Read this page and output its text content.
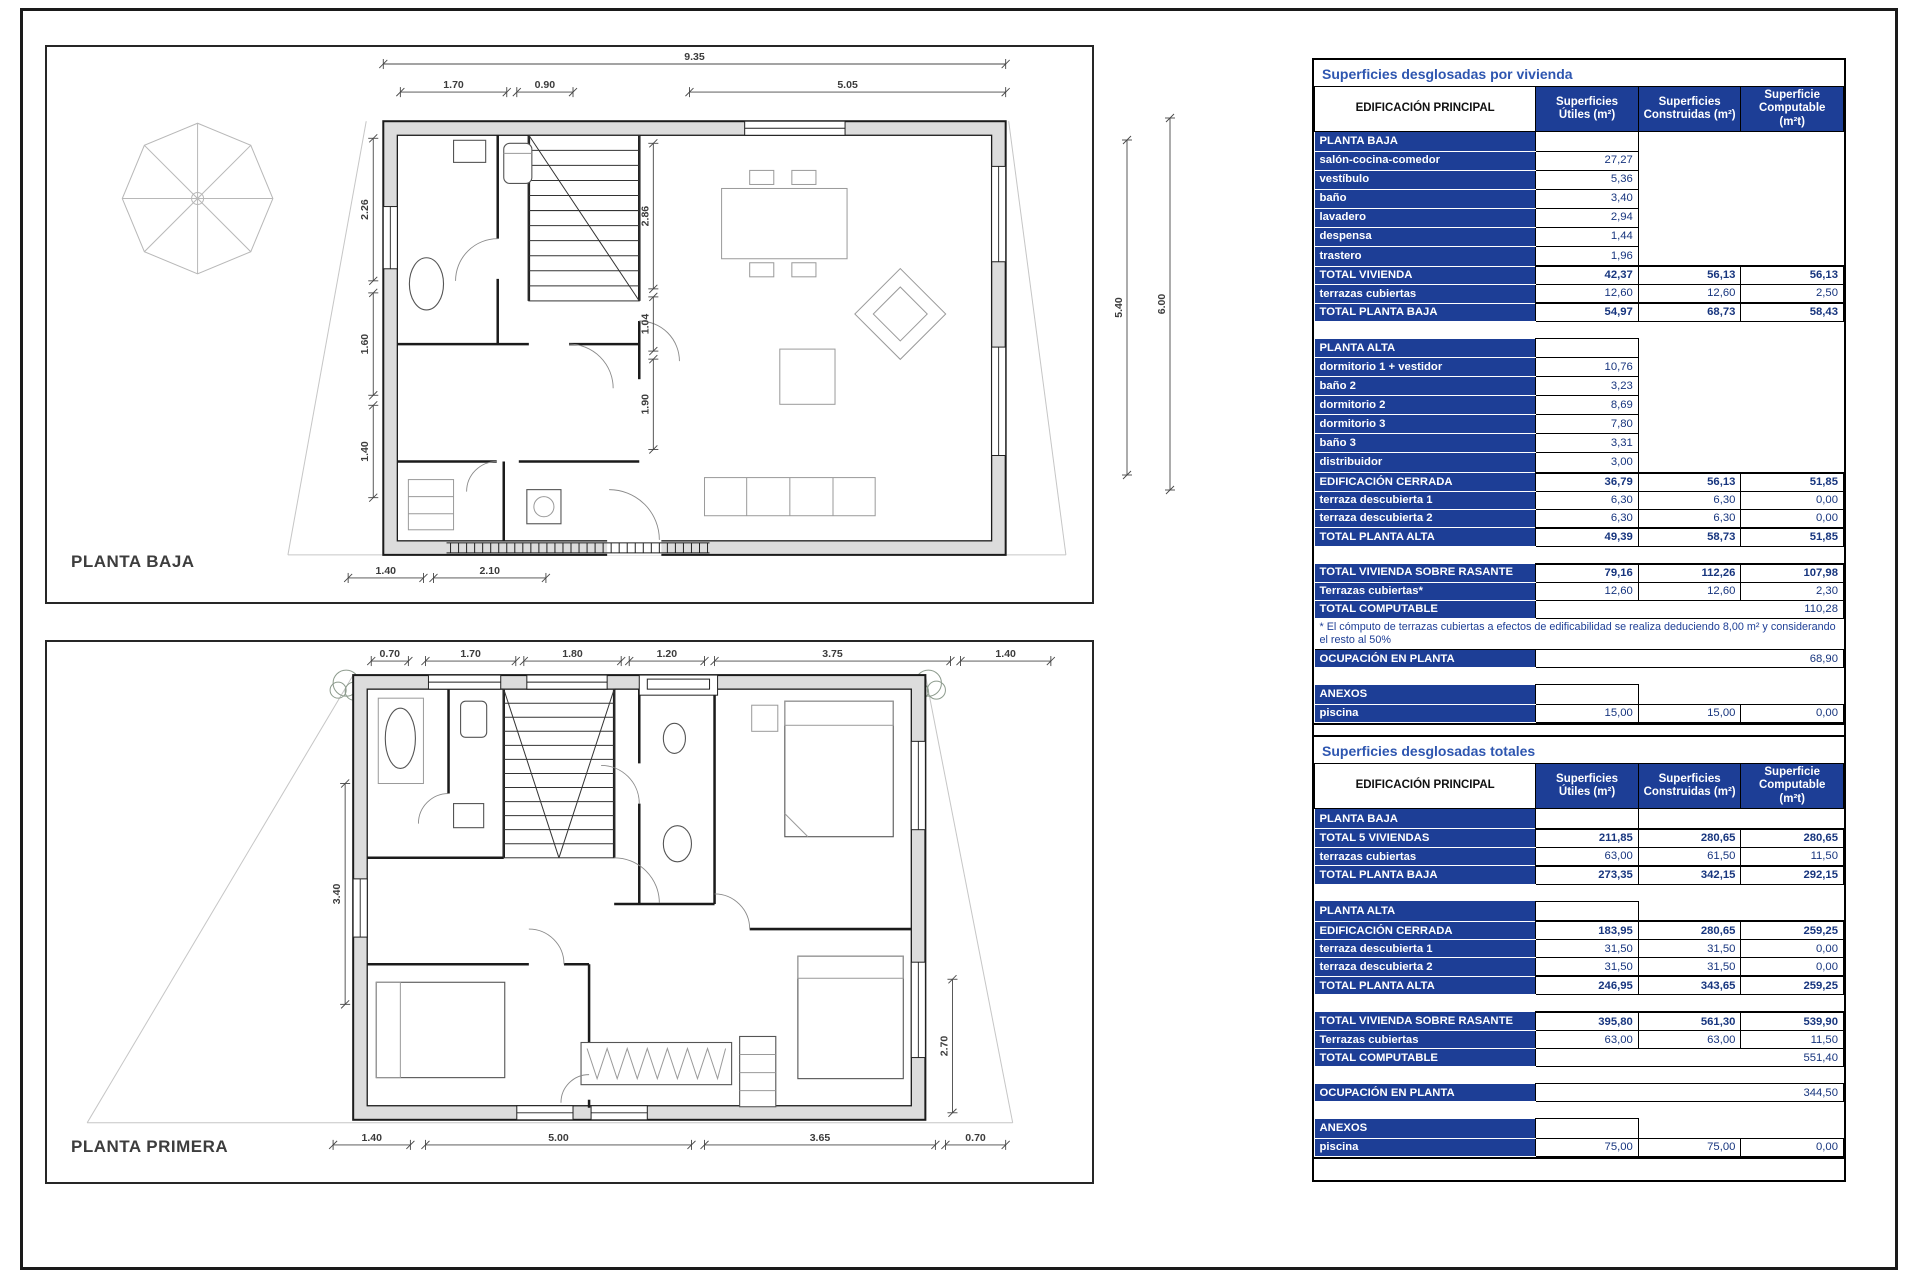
9.35
1.70	0.90	5.05
2.26
1.60
1.40
2.86
1.04
1.90
1.40	2.10
PLANTA BAJA
5.40	6.00
0.70	1.70	1.80	1.20	3.75	1.40
1.40	5.00	3.65	0.70
3.40
2.70
PLANTA PRIMERA
Superficies desglosadas por vivienda
EDIFICACIÓN PRINCIPAL	Superficies Útiles (m²)	Superficies Construidas (m²)	Superficie Computable (m²t)
PLANTA BAJA			
salón-cocina-comedor	27,27		
vestíbulo	5,36		
baño	3,40		
lavadero	2,94		
despensa	1,44		
trastero	1,96		
TOTAL VIVIENDA	42,37	56,13	56,13
terrazas cubiertas	12,60	12,60	2,50
TOTAL PLANTA BAJA	54,97	68,73	58,43

PLANTA ALTA			
dormitorio 1 + vestidor	10,76		
baño 2	3,23		
dormitorio 2	8,69		
dormitorio 3	7,80		
baño 3	3,31		
distribuidor	3,00		
EDIFICACIÓN CERRADA	36,79	56,13	51,85
terraza descubierta 1	6,30	6,30	0,00
terraza descubierta 2	6,30	6,30	0,00
TOTAL PLANTA ALTA	49,39	58,73	51,85

TOTAL VIVIENDA SOBRE RASANTE	79,16	112,26	107,98
Terrazas cubiertas*	12,60	12,60	2,30
TOTAL COMPUTABLE	110,28		
* El cómputo de terrazas cubiertas a efectos de edificabilidad se realiza deduciendo 8,00 m² y considerando el resto al 50%			
OCUPACIÓN EN PLANTA	68,90		

ANEXOS			
piscina	15,00	15,00	0,00
Superficies desglosadas totales
EDIFICACIÓN PRINCIPAL	Superficies Útiles (m²)	Superficies Construidas (m²)	Superficie Computable (m²t)
PLANTA BAJA			
TOTAL 5 VIVIENDAS	211,85	280,65	280,65
terrazas cubiertas	63,00	61,50	11,50
TOTAL PLANTA BAJA	273,35	342,15	292,15

PLANTA ALTA			
EDIFICACIÓN CERRADA	183,95	280,65	259,25
terraza descubierta 1	31,50	31,50	0,00
terraza descubierta 2	31,50	31,50	0,00
TOTAL PLANTA ALTA	246,95	343,65	259,25

TOTAL VIVIENDA SOBRE RASANTE	395,80	561,30	539,90
Terrazas cubiertas	63,00	63,00	11,50
TOTAL COMPUTABLE	551,40		

OCUPACIÓN EN PLANTA	344,50		

ANEXOS			
piscina	75,00	75,00	0,00
